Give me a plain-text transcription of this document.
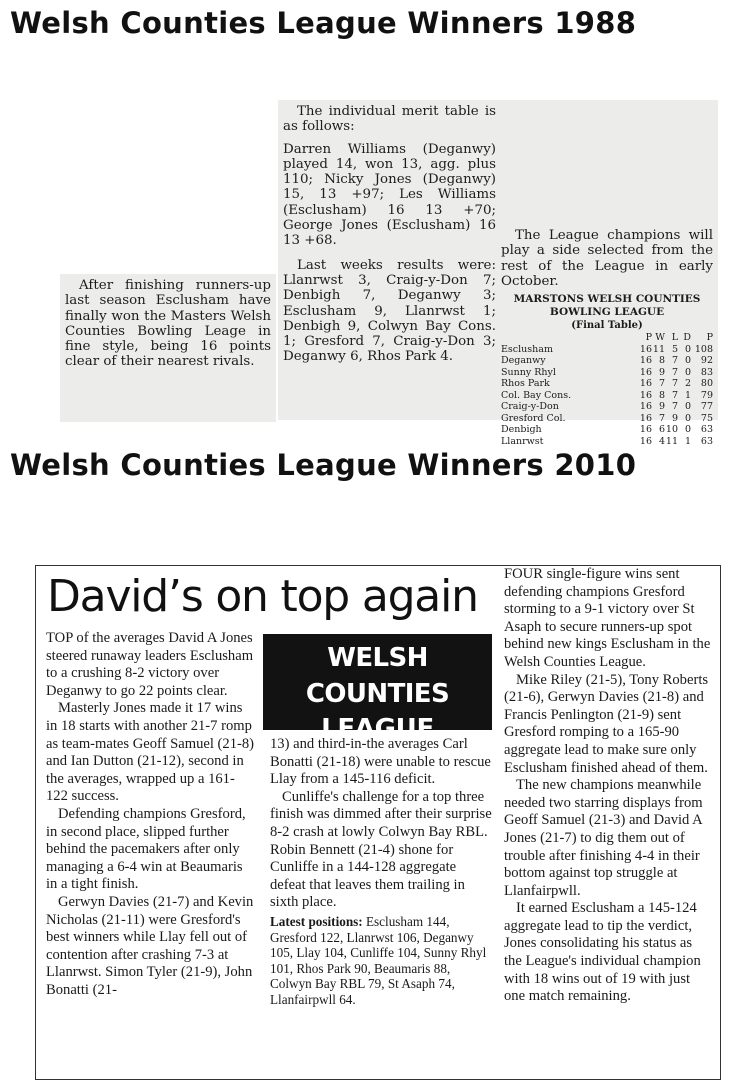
Welsh Counties League Winners 1988

After finishing runners-up last season Esclusham have finally won the Masters Welsh Counties Bowling Leage in fine style, being 16 points clear of their nearest rivals.

The individual merit table is as follows:

Darren Williams (Deganwy) played 14, won 13, agg. plus 110; Nicky Jones (Deganwy) 15, 13 +97; Les Williams (Esclusham) 16 13 +70; George Jones (Esclusham) 16 13 +68.

Last weeks results were: Llanrwst 3, Craig-y-Don 7; Denbigh 7, Deganwy 3; Esclusham 9, Llanrwst 1; Denbigh 9, Colwyn Bay Cons. 1; Gresford 7, Craig-y-Don 3; Deganwy 6, Rhos Park 4.

The League champions will play a side selected from the rest of the League in early October.

MARSTONS WELSH COUNTIES BOWLING LEAGUE
(Final Table)
	P	W	L	D	P
Esclusham	16	11	5	0	108
Deganwy	16	8	7	0	92
Sunny Rhyl	16	9	7	0	83
Rhos Park	16	7	7	2	80
Col. Bay Cons.	16	8	7	1	79
Craig-y-Don	16	9	7	0	77
Gresford Col.	16	7	9	0	75
Denbigh	16	6	10	0	63
Llanrwst	16	4	11	1	63
Welsh Counties League Winners 2010
David’s on top again
WELSH COUNTIES
LEAGUE

TOP of the averages David A Jones steered runaway leaders Esclusham to a crushing 8-2 victory over Deganwy to go 22 points clear.

Masterly Jones made it 17 wins in 18 starts with another 21-7 romp as team-mates Geoff Samuel (21-8) and Ian Dutton (21-12), second in the averages, wrapped up a 161-122 success.

Defending champions Gresford, in second place, slipped further behind the pacemakers after only managing a 6-4 win at Beaumaris in a tight finish.

Gerwyn Davies (21-7) and Kevin Nicholas (21-11) were Gresford's best winners while Llay fell out of contention after crashing 7-3 at Llanrwst. Simon Tyler (21-9), John Bonatti (21-

13) and third-in-the averages Carl Bonatti (21-18) were unable to rescue Llay from a 145-116 deficit.

Cunliffe's challenge for a top three finish was dimmed after their surprise 8-2 crash at lowly Colwyn Bay RBL. Robin Bennett (21-4) shone for Cunliffe in a 144-128 aggregate defeat that leaves them trailing in sixth place.

Latest positions: Esclusham 144, Gresford 122, Llanrwst 106, Deganwy 105, Llay 104, Cunliffe 104, Sunny Rhyl 101, Rhos Park 90, Beaumaris 88, Colwyn Bay RBL 79, St Asaph 74, Llanfairpwll 64.

FOUR single-figure wins sent defending champions Gresford storming to a 9-1 victory over St Asaph to secure runners-up spot behind new kings Esclusham in the Welsh Counties League.

Mike Riley (21-5), Tony Roberts (21-6), Gerwyn Davies (21-8) and Francis Penlington (21-9) sent Gresford romping to a 165-90 aggregate lead to make sure only Esclusham finished ahead of them.

The new champions meanwhile needed two starring displays from Geoff Samuel (21-3) and David A Jones (21-7) to dig them out of trouble after finishing 4-4 in their bottom against top struggle at Llanfairpwll.

It earned Esclusham a 145-124 aggregate lead to tip the verdict, Jones consolidating his status as the League's individual champion with 18 wins out of 19 with just one match remaining.
